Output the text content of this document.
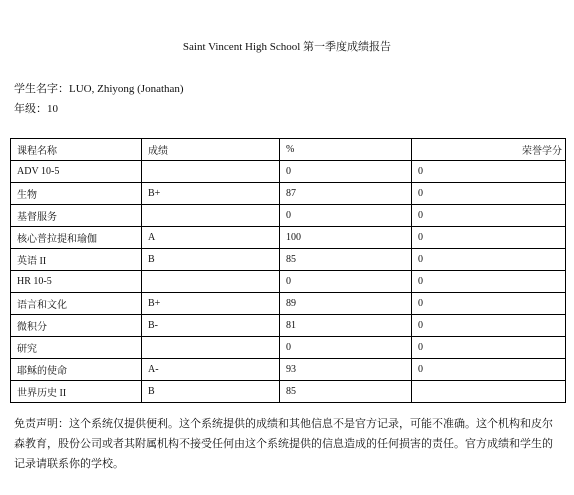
Saint Vincent High School 第一季度成绩报告
学生名字：LUO, Zhiyong (Jonathan)
年级：10
课程名称	成绩	%	荣誉学分
ADV 10-5		0	0
生物	B+	87	0
基督服务		0	0
核心普拉提和瑜伽	A	100	0
英语 II	B	85	0
HR 10-5		0	0
语言和文化	B+	89	0
微积分	B-	81	0
研究		0	0
耶稣的使命	A-	93	0
世界历史 II	B	85	
免责声明：这个系统仅提供便利。这个系统提供的成绩和其他信息不是官方记录，可能不准确。这个机构和皮尔森教育，股份公司或者其附属机构不接受任何由这个系统提供的信息造成的任何损害的责任。官方成绩和学生的记录请联系你的学校。
